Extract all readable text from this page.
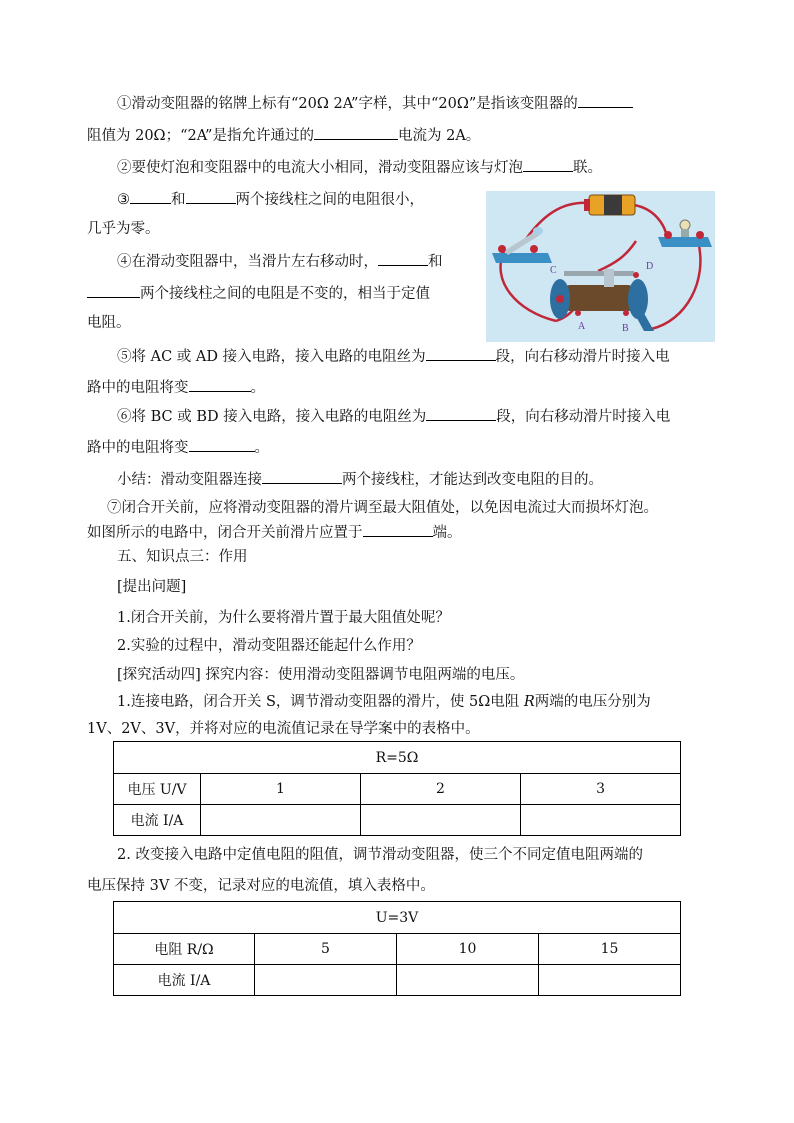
①滑动变阻器的铭牌上标有“20Ω 2A”字样，其中“20Ω”是指该变阻器的
阻值为 20Ω；“2A”是指允许通过的	电流为 2A。
②要使灯泡和变阻器中的电流大小相同，滑动变阻器应该与灯泡	联。
③	和	两个接线柱之间的电阻很小，
几乎为零。
④在滑动变阻器中，当滑片左右移动时，	和
两个接线柱之间的电阻是不变的，相当于定值
电阻。
C	D
A	B
⑤将 AC 或 AD 接入电路，接入电路的电阻丝为	段，向右移动滑片时接入电
路中的电阻将变	。
⑥将 BC 或 BD 接入电路，接入电路的电阻丝为	段，向右移动滑片时接入电
路中的电阻将变	。
小结：滑动变阻器连接	两个接线柱，才能达到改变电阻的目的。
⑦闭合开关前，应将滑动变阻器的滑片调至最大阻值处，以免因电流过大而损坏灯泡。
如图所示的电路中，闭合开关前滑片应置于	端。
五、知识点三：作用
[提出问题]
1.闭合开关前，为什么要将滑片置于最大阻值处呢？
2.实验的过程中，滑动变阻器还能起什么作用？
[探究活动四] 探究内容：使用滑动变阻器调节电阻两端的电压。
1.连接电路，闭合开关 S，调节滑动变阻器的滑片，使 5Ω电阻 R两端的电压分别为
1V、2V、3V，并将对应的电流值记录在导学案中的表格中。
R=5Ω			
电压 U/V	1	2	3
电流 I/A			
2. 改变接入电路中定值电阻的阻值，调节滑动变阻器，使三个不同定值电阻两端的
电压保持 3V 不变，记录对应的电流值，填入表格中。
U=3V			
电阻 R/Ω	5	10	15
电流 I/A			
